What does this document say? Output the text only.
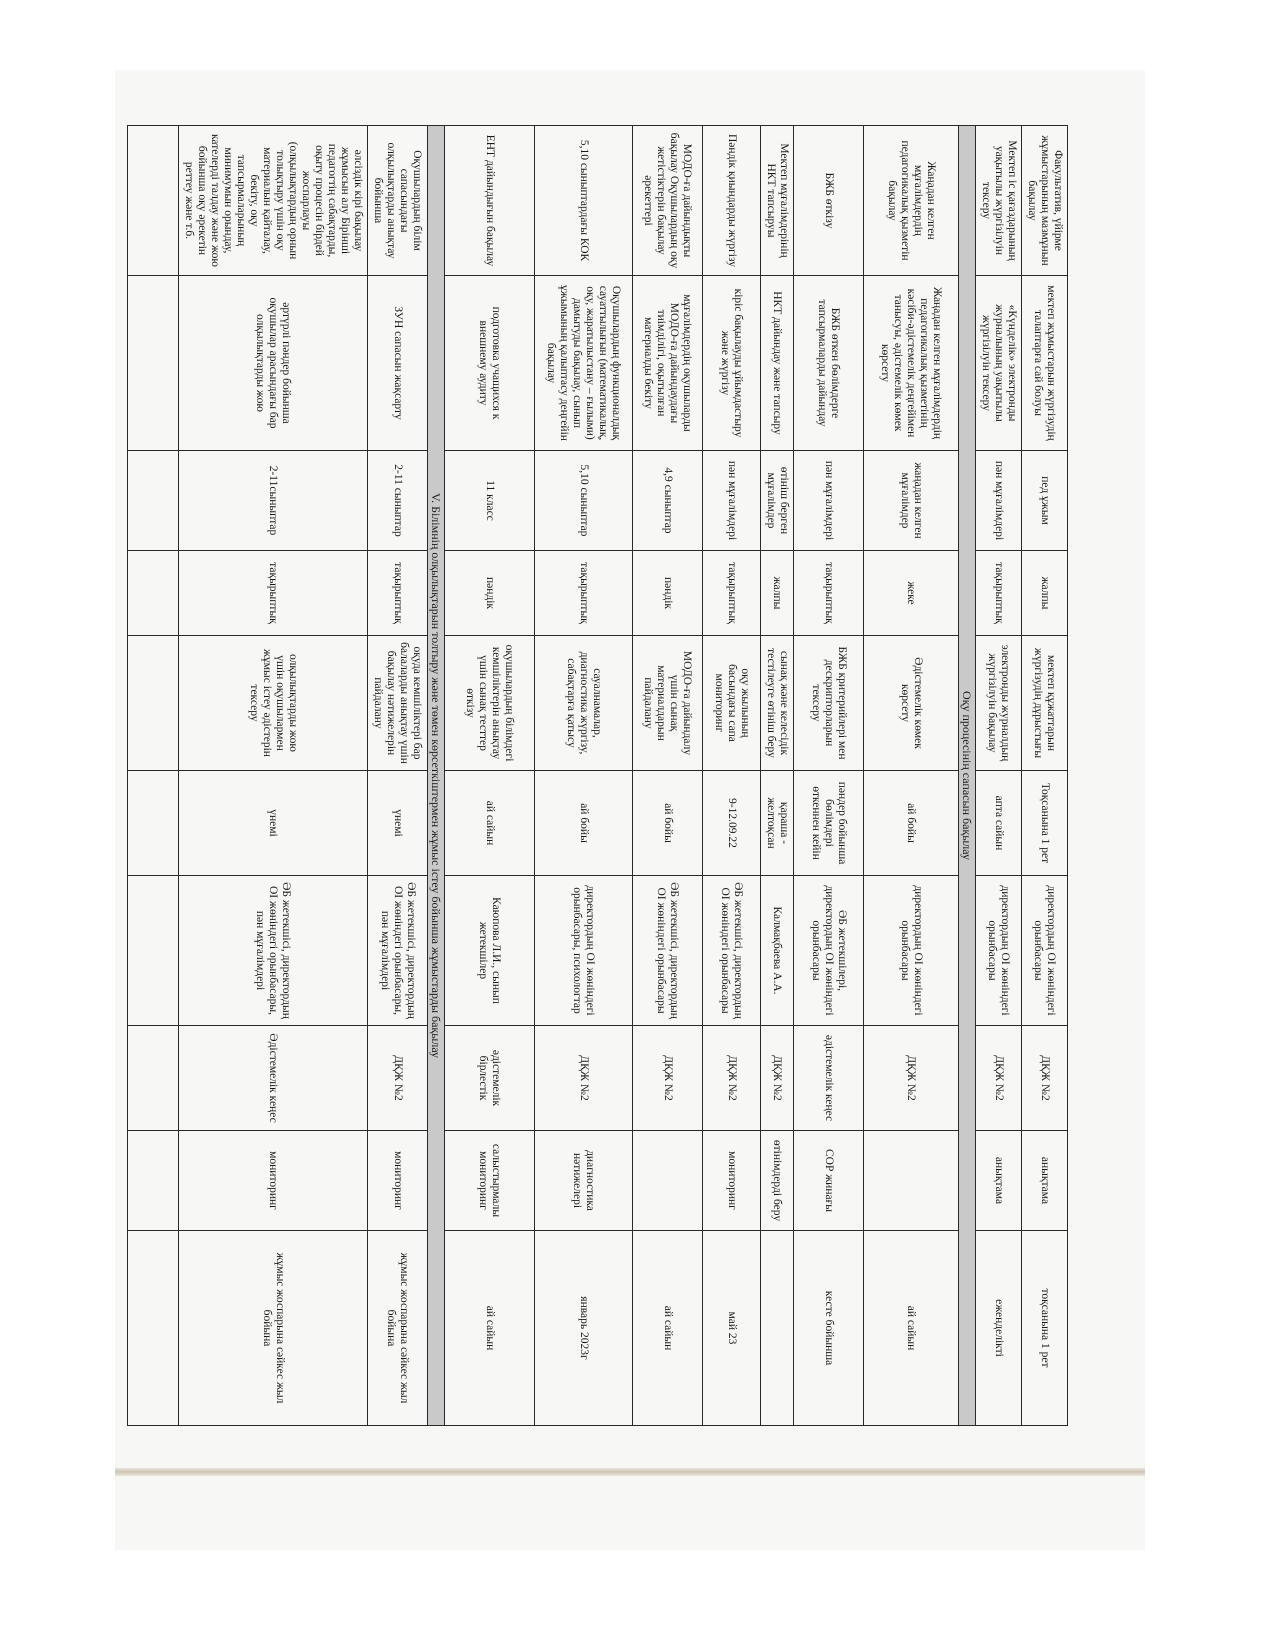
Факультатив, үйірме жұмыстарының мазмұнын бақылау	мектеп жұмыстарын жүргізудің талаптарға сай болуы	пед ұжым	жалпы	мектеп құжаттарын жүргізудің дұрыстығы	Тоқсанына 1 рет	директордың ОІ жөніндегі орынбасары	ДҚЖ №2	анықтама	тоқсанына 1 рет
Мектеп іс қағаздарының уақытылы жүргізілуін тексеру	«Күнделік» электронды журналының уақытылы жүргізілуін тексеру	пән мұғалімдері	тақырыптық	электронды журналдың жүргізілуін бақылау	апта сайын	директордың ОІ жөніндегі орынбасары	ДҚЖ №2	анықтама	еженделікті
Оқу процесінің сапасын бақылау									
Жаңадан келген мұғалімдердің педагогикалық қызметін бақылау	Жаңадан келген мұғалімдердің педагогикалық қызметінің кәсіби-әдістемелік деңгейімен танысуы, әдістемелік көмек көрсету	жаңадан келген мұғалімдер	жеке	Әдістемелік көмек көрсету	ай бойы	директордың ОІ жөніндегі орынбасары	ДҚЖ №2		ай сайын
БЖБ өткізу	БЖБ өткен бөлімдерге тапсырмаларды дайындау	пән мұғалімдері	тақырыптық	БЖБ критерийлері мен дескрипторларын тексеру	пәндер бойынша бөлімдері өткеннен кейін	ӘБ жетекшілері, директордың ОІ жөніндегі орынбасары	әдістемелік кеңес	СОР жинағы	кесте бойынша
Мектеп мұғалімдерінің НКТ тапсыруы	НКТ дайындау және тапсыру	өтініш берген мұғалімдер	жалпы	сынақ және келесідік тестілеуге өтініш беру	қараша - желтоқсан	Калмақбаева А.А.	ДҚЖ №2	өтінімдерді беру	
Пәндік қиындарды жүргізу	кіріс бақылауды ұйымдастыру және жүргізу	пән мұғалімдері	тақырыптық	оқу жылының басындағы сапа мониторинг	9-12.09.22	ӘБ жетекшісі, директордың ОІ жөніндегі орынбасары	ДҚЖ №2	мониторинг	май 23
МОДО-ға дайындықты бақылау Оқушылардың оқу жетістіктерін бақылау әрекеттері	мұғалімдердің оқушыларды МОДО-ға дайындаудағы тиімділігі, оқытылған материалды бекіту	4,9 сыныптар	пәндік	МОДО-ға дайындалу үшін сынақ материалдарын пайдалану	ай бойы	ӘБ жетекшісі, директордың ОІ жөніндегі орынбасары	ДҚЖ №2		ай сайын
5,10 сыныптардағы КОК	Оқушылардың функционалдық сауаттылығын (математикалық, оқу, жаратылыстану – ғылыми) дамытуды бақылау, сынып ұжымының қалыптасу деңгейін бақылау	5,10 сыныптар	тақырыптық	сауалнамалар, диагностика жүргізу, сабақтарға қатысу	ай бойы	директордың ОІ жөніндегі орынбасары, психологтар	ДҚЖ №2	диагностика нәтижелері	январь 2023г
ЕНТ дайындығын бақылау	подготовка учащихся к внешнему аудиту	11 класс	пәндік	оқушылардың білімдегі кемшіліктерін анықтау үшін сынақ тесттер өткізу	ай сайын	Каюпова Л.И., сынып жетекшілер	әдістемелік бірлестік	салыстырмалы мониторинг	ай сайын
V. Білімнің олқылықтарын толтыру және төмен көрсеткіштермен жұмыс істеу бойынша жұмыстарды бақылау									
Оқушылардың білім сапасындағы олқылықтарды анықтау бойынша	ЗУН сапасын жақсарту	2-11 сыныптар	тақырыптық	оқуда кемшіліктері бар балаларды анықтау үшін бақылау нәтижелерін пайдалану	үнемі	ӘБ жетекшісі, директордың ОІ жөніндегі орынбасары, пән мұғалімдері	ДҚЖ №2	мониторинг	жұмыс жоспарына сәйкес жыл бойына
әлсіздік кірі бақылау жұмысын алу Бірінші педагогтің сабақтарды, оқыту процесін бірдей жоспарлауы (олқылықтардың орнын толықтыру үшін оқу материалын қайталау, бекіту, оқу тапсырмаларының минимумын орындау, кателерді талдау және жою бойынша оқу әрекетін реттеу және т.б.	әртүрлі пәндер бойынша оқушылар арасындағы бар олқылықтарды жою	2-11сыныптар	тақырыптық	олқылықтарды жою үшін оқушылармен жұмыс істеу әдістерін тексеру	үнемі	ӘБ жетекшісі, директордың ОІ жөніндегі орынбасары, пән мұғалімдері	Әдістемелік кеңес	мониторинг	жұмыс жоспарына сәйкес жыл бойына
